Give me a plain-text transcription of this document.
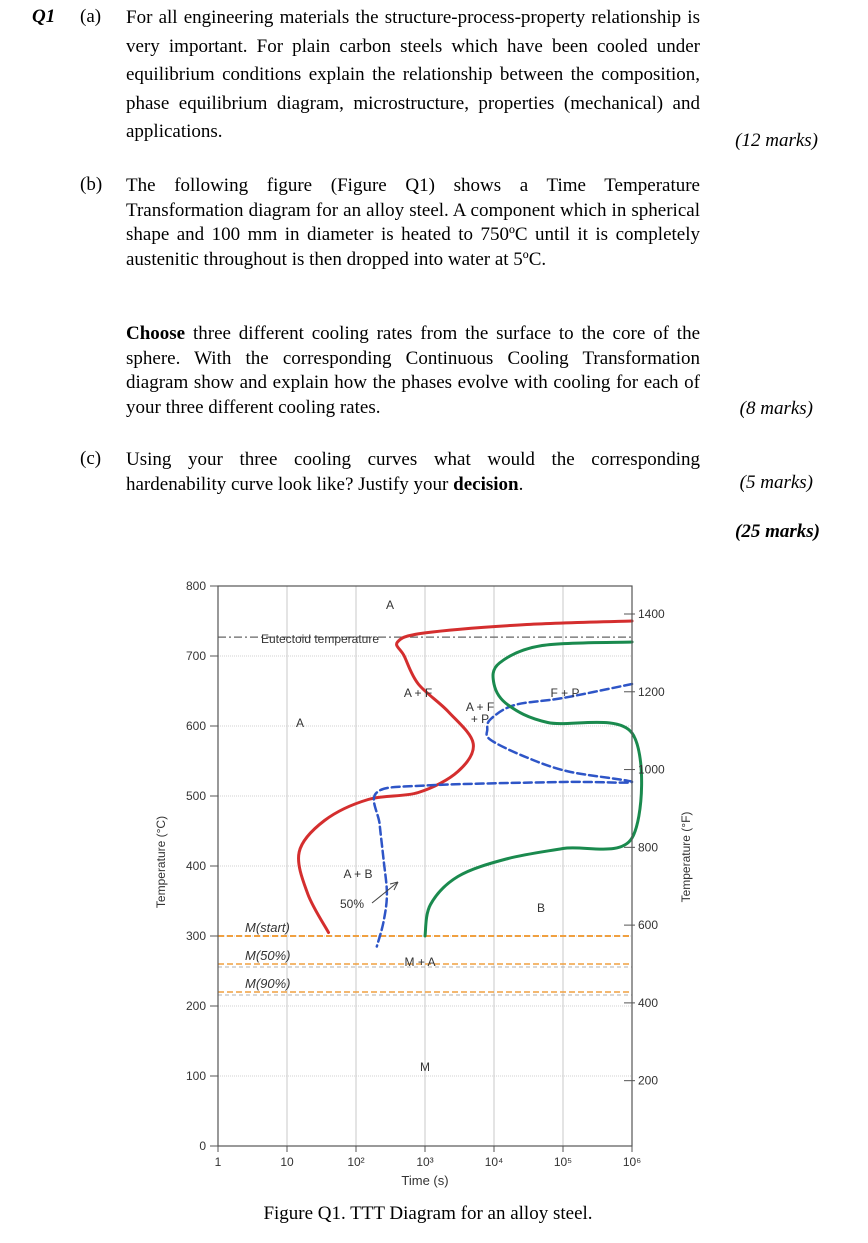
Q1 (a) For all engineering materials the structure-process-property relationship is very important. For plain carbon steels which have been cooled under equilibrium conditions explain the relationship between the composition, phase equilibrium diagram, microstructure, properties (mechanical) and applications.	(12 marks)
(b) The following figure (Figure Q1) shows a Time Temperature Transformation diagram for an alloy steel. A component which in spherical shape and 100 mm in diameter is heated to 750ºC until it is completely austenitic throughout is then dropped into water at 5ºC.
Choose three different cooling rates from the surface to the core of the sphere. With the corresponding Continuous Cooling Transformation diagram show and explain how the phases evolve with cooling for each of your three different cooling rates.	(8 marks)
(c) Using your three cooling curves what would the corresponding hardenability curve look like? Justify your decision.	(5 marks)
(25 marks)
M(start)
M(50%)
M(90%)
0
100
200
300
400
500
600
700
800
200
400
600
800
1000
1200
1400
1	10	10²	10³	10⁴	10⁵	10⁶
A
Eutectoid temperature
A
A + F
A + F + P
F + P
A + B
50%	B
M + A
M
Temperature (°C)	Temperature (°F)
Time (s)
Figure Q1. TTT Diagram for an alloy steel.
